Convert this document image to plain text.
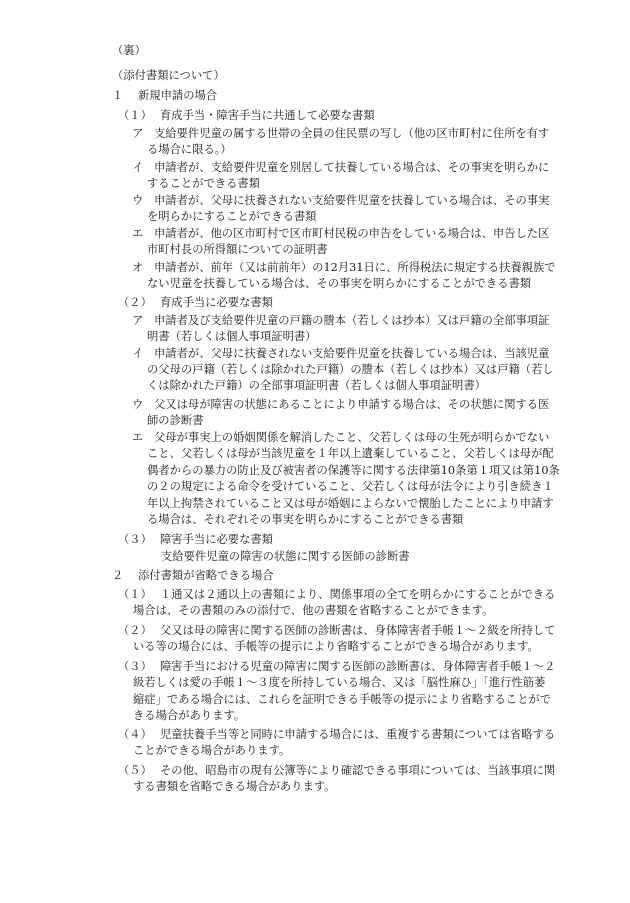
（裏）
（添付書類について）
１ 新規申請の場合
（１） 育成手当・障害手当に共通して必要な書類
ア 支給要件児童の属する世帯の全員の住民票の写し（他の区市町村に住所を有す
る場合に限る。）
イ 申請者が、支給要件児童を別居して扶養している場合は、その事実を明らかに
することができる書類
ウ 申請者が、父母に扶養されない支給要件児童を扶養している場合は、その事実
を明らかにすることができる書類
エ 申請者が、他の区市町村で区市町村民税の申告をしている場合は、申告した区
市町村長の所得額についての証明書
オ 申請者が、前年（又は前前年）の12月31日に、所得税法に規定する扶養親族で
ない児童を扶養している場合は、その事実を明らかにすることができる書類
（２） 育成手当に必要な書類
ア 申請者及び支給要件児童の戸籍の謄本（若しくは抄本）又は戸籍の全部事項証
明書（若しくは個人事項証明書）
イ 申請者が、父母に扶養されない支給要件児童を扶養している場合は、当該児童
の父母の戸籍（若しくは除かれた戸籍）の謄本（若しくは抄本）又は戸籍（若し
くは除かれた戸籍）の全部事項証明書（若しくは個人事項証明書）
ウ 父又は母が障害の状態にあることにより申請する場合は、その状態に関する医
師の診断書
エ 父母が事実上の婚姻関係を解消したこと、父若しくは母の生死が明らかでない
こと、父若しくは母が当該児童を１年以上遺棄していること、父若しくは母が配
偶者からの暴力の防止及び被害者の保護等に関する法律第10条第１項又は第10条
の２の規定による命令を受けていること、父若しくは母が法令により引き続き１
年以上拘禁されていること又は母が婚姻によらないで懐胎したことにより申請す
る場合は、それぞれその事実を明らかにすることができる書類
（３） 障害手当に必要な書類
支給要件児童の障害の状態に関する医師の診断書
２ 添付書類が省略できる場合
（１） １通又は２通以上の書類により、関係事項の全てを明らかにすることができる
場合は、その書類のみの添付で、他の書類を省略することができます。
（２） 父又は母の障害に関する医師の診断書は、身体障害者手帳１～２級を所持して
いる等の場合には、手帳等の提示により省略することができる場合があります。
（３） 障害手当における児童の障害に関する医師の診断書は、身体障害者手帳１～２
級若しくは愛の手帳１～３度を所持している場合、又は「脳性麻ひ」「進行性筋萎
縮症」である場合には、これらを証明できる手帳等の提示により省略することがで
きる場合があります。
（４） 児童扶養手当等と同時に申請する場合には、重複する書類については省略する
ことができる場合があります。
（５） その他、昭島市の現有公簿等により確認できる事項については、当該事項に関
する書類を省略できる場合があります。
